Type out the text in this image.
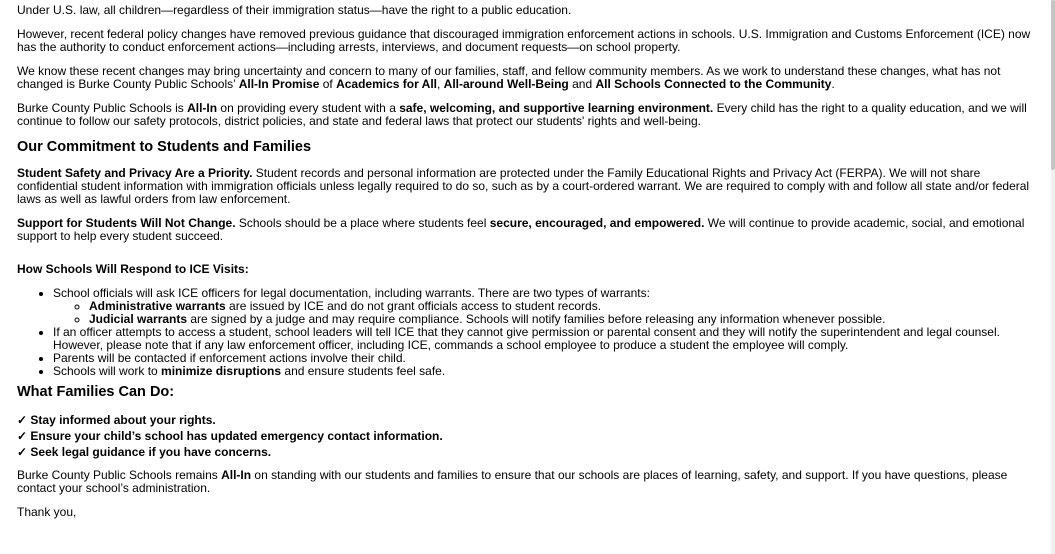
Under U.S. law, all children—regardless of their immigration status—have the right to a public education.

However, recent federal policy changes have removed previous guidance that discouraged immigration enforcement actions in schools. U.S. Immigration and Customs Enforcement (ICE) now has the authority to conduct enforcement actions—including arrests, interviews, and document requests—on school property.

We know these recent changes may bring uncertainty and concern to many of our families, staff, and fellow community members. As we work to understand these changes, what has not changed is Burke County Public Schools’ All-In Promise of Academics for All, All-around Well-Being and All Schools Connected to the Community.

Burke County Public Schools is All-In on providing every student with a safe, welcoming, and supportive learning environment. Every child has the right to a quality education, and we will continue to follow our safety protocols, district policies, and state and federal laws that protect our students' rights and well-being.

Our Commitment to Students and Families

Student Safety and Privacy Are a Priority. Student records and personal information are protected under the Family Educational Rights and Privacy Act (FERPA). We will not share confidential student information with immigration officials unless legally required to do so, such as by a court-ordered warrant. We are required to comply with and follow all state and/or federal laws as well as lawful orders from law enforcement.

Support for Students Will Not Change. Schools should be a place where students feel secure, encouraged, and empowered. We will continue to provide academic, social, and emotional support to help every student succeed.

How Schools Will Respond to ICE Visits:
• School officials will ask ICE officers for legal documentation, including warrants. There are two types of warrants:
◦ Administrative warrants are issued by ICE and do not grant officials access to student records.
◦ Judicial warrants are signed by a judge and may require compliance. Schools will notify families before releasing any information whenever possible.
• If an officer attempts to access a student, school leaders will tell ICE that they cannot give permission or parental consent and they will notify the superintendent and legal counsel. However, please note that if any law enforcement officer, including ICE, commands a school employee to produce a student the employee will comply.
• Parents will be contacted if enforcement actions involve their child.
• Schools will work to minimize disruptions and ensure students feel safe.
What Families Can Do:
✓ Stay informed about your rights.
✓ Ensure your child’s school has updated emergency contact information.
✓ Seek legal guidance if you have concerns.

Burke County Public Schools remains All-In on standing with our students and families to ensure that our schools are places of learning, safety, and support. If you have questions, please contact your school’s administration.

Thank you,
